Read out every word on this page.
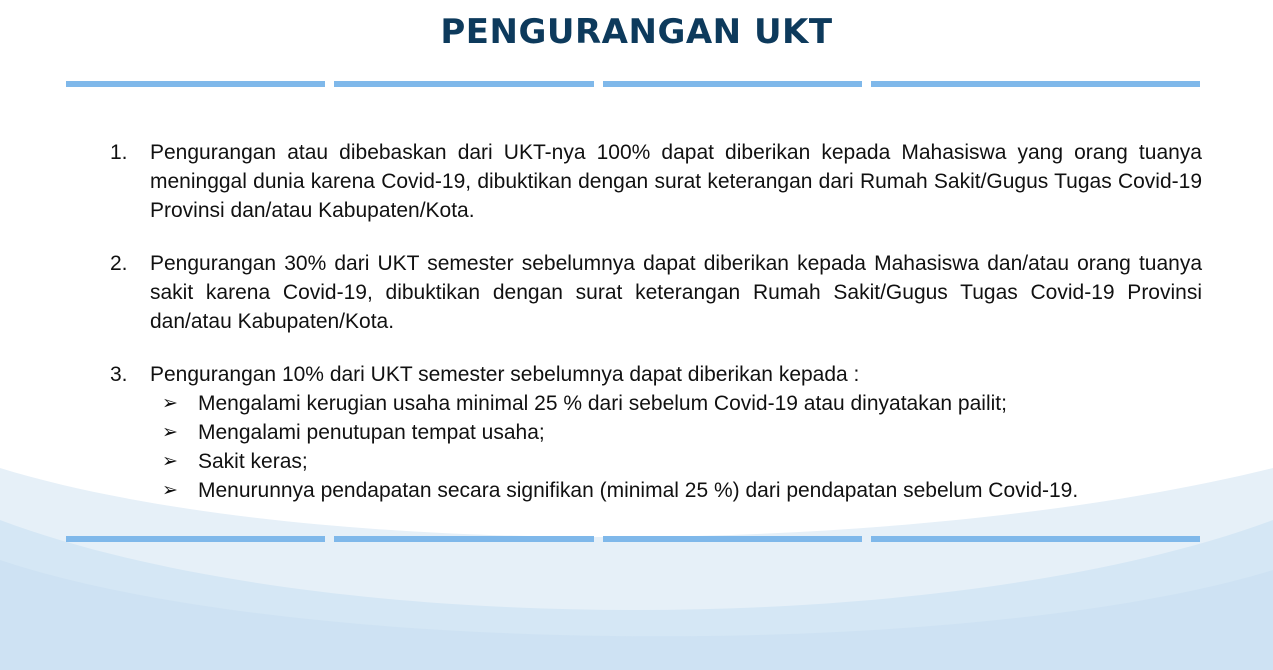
PENGURANGAN UKT
1.	Pengurangan atau dibebaskan dari UKT-nya 100% dapat diberikan kepada Mahasiswa yang orang tuanya meninggal dunia karena Covid-19, dibuktikan dengan surat keterangan dari Rumah Sakit/Gugus Tugas Covid-19 Provinsi dan/atau Kabupaten/Kota.
2.	Pengurangan 30% dari UKT semester sebelumnya dapat diberikan kepada Mahasiswa dan/atau orang tuanya sakit karena Covid-19, dibuktikan dengan surat keterangan Rumah Sakit/Gugus Tugas Covid-19 Provinsi dan/atau Kabupaten/Kota.
3.	Pengurangan 10% dari UKT semester sebelumnya dapat diberikan kepada :
➢ Mengalami kerugian usaha minimal 25 % dari sebelum Covid-19 atau dinyatakan pailit;
➢ Mengalami penutupan tempat usaha;
➢ Sakit keras;
➢ Menurunnya pendapatan secara signifikan (minimal 25 %) dari pendapatan sebelum Covid-19.
